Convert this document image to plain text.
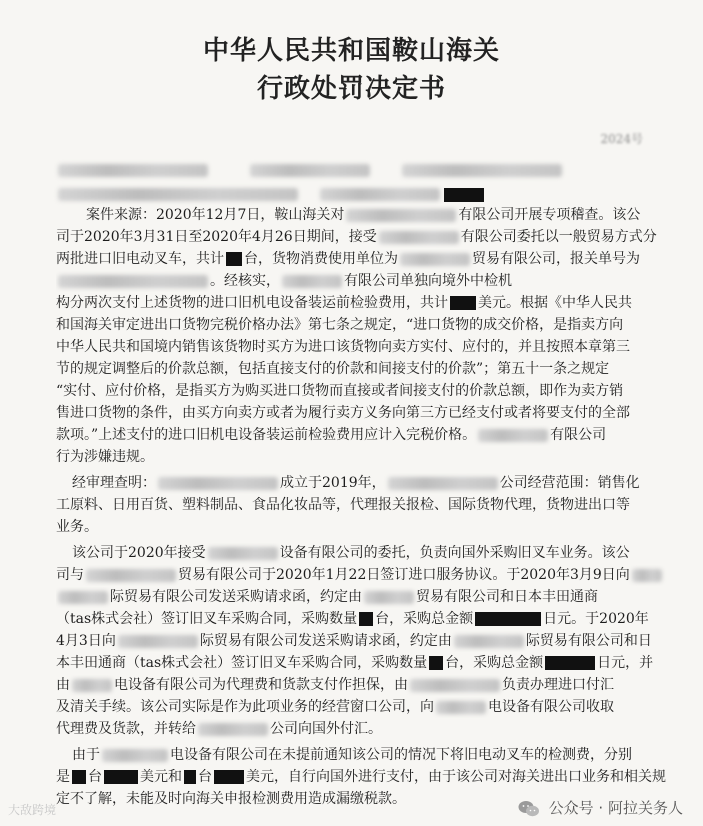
中华人民共和国鞍山海关
行政处罚决定书
2024号
案件来源：2020年12月7日，鞍山海关对	有限公司开展专项稽查。该公
司于2020年3月31日至2020年4月26日期间，接受	有限公司委托以一般贸易方式分
两批进口旧电动叉车，共计 台，货物消费使用单位为	贸易有限公司，报关单号为
。经核实，	有限公司单独向境外中检机
构分两次支付上述货物的进口旧机电设备装运前检验费用，共计 美元。根据《中华人民共
和国海关审定进出口货物完税价格办法》第七条之规定，“进口货物的成交价格，是指卖方向
中华人民共和国境内销售该货物时买方为进口该货物向卖方实付、应付的，并且按照本章第三
节的规定调整后的价款总额，包括直接支付的价款和间接支付的价款”；第五十一条之规定
“实付、应付价格，是指买方为购买进口货物而直接或者间接支付的价款总额，即作为卖方销
售进口货物的条件，由买方向卖方或者为履行卖方义务向第三方已经支付或者将要支付的全部
款项。”上述支付的进口旧机电设备装运前检验费用应计入完税价格。	有限公司
行为涉嫌违规。
经审理查明：	成立于2019年，	公司经营范围：销售化
工原料、日用百货、塑料制品、食品化妆品等，代理报关报检、国际货物代理，货物进出口等
业务。
该公司于2020年接受	设备有限公司的委托，负责向国外采购旧叉车业务。该公
司与	贸易有限公司于2020年1月22日签订进口服务协议。于2020年3月9日向
际贸易有限公司发送采购请求函，约定由	贸易有限公司和日本丰田通商
（tas株式会社）签订旧叉车采购合同，采购数量 台，采购总金额	日元。于2020年
4月3日向	际贸易有限公司发送采购请求函，约定由	际贸易有限公司和日
本丰田通商（tas株式会社）签订旧叉车采购合同，采购数量 台，采购总金额	日元，并
由	电设备有限公司为代理费和货款支付作担保，由	负责办理进口付汇
及清关手续。该公司实际是作为此项业务的经营窗口公司，向	电设备有限公司收取
代理费及货款，并转给	公司向国外付汇。
由于	电设备有限公司在未提前通知该公司的情况下将旧电动叉车的检测费，分别
是 台	美元和 台 美元，自行向国外进行支付，由于该公司对海关进出口业务和相关规
定不了解，未能及时向海关申报检测费用造成漏缴税款。
大敌跨境	公众号 · 阿拉关务人
